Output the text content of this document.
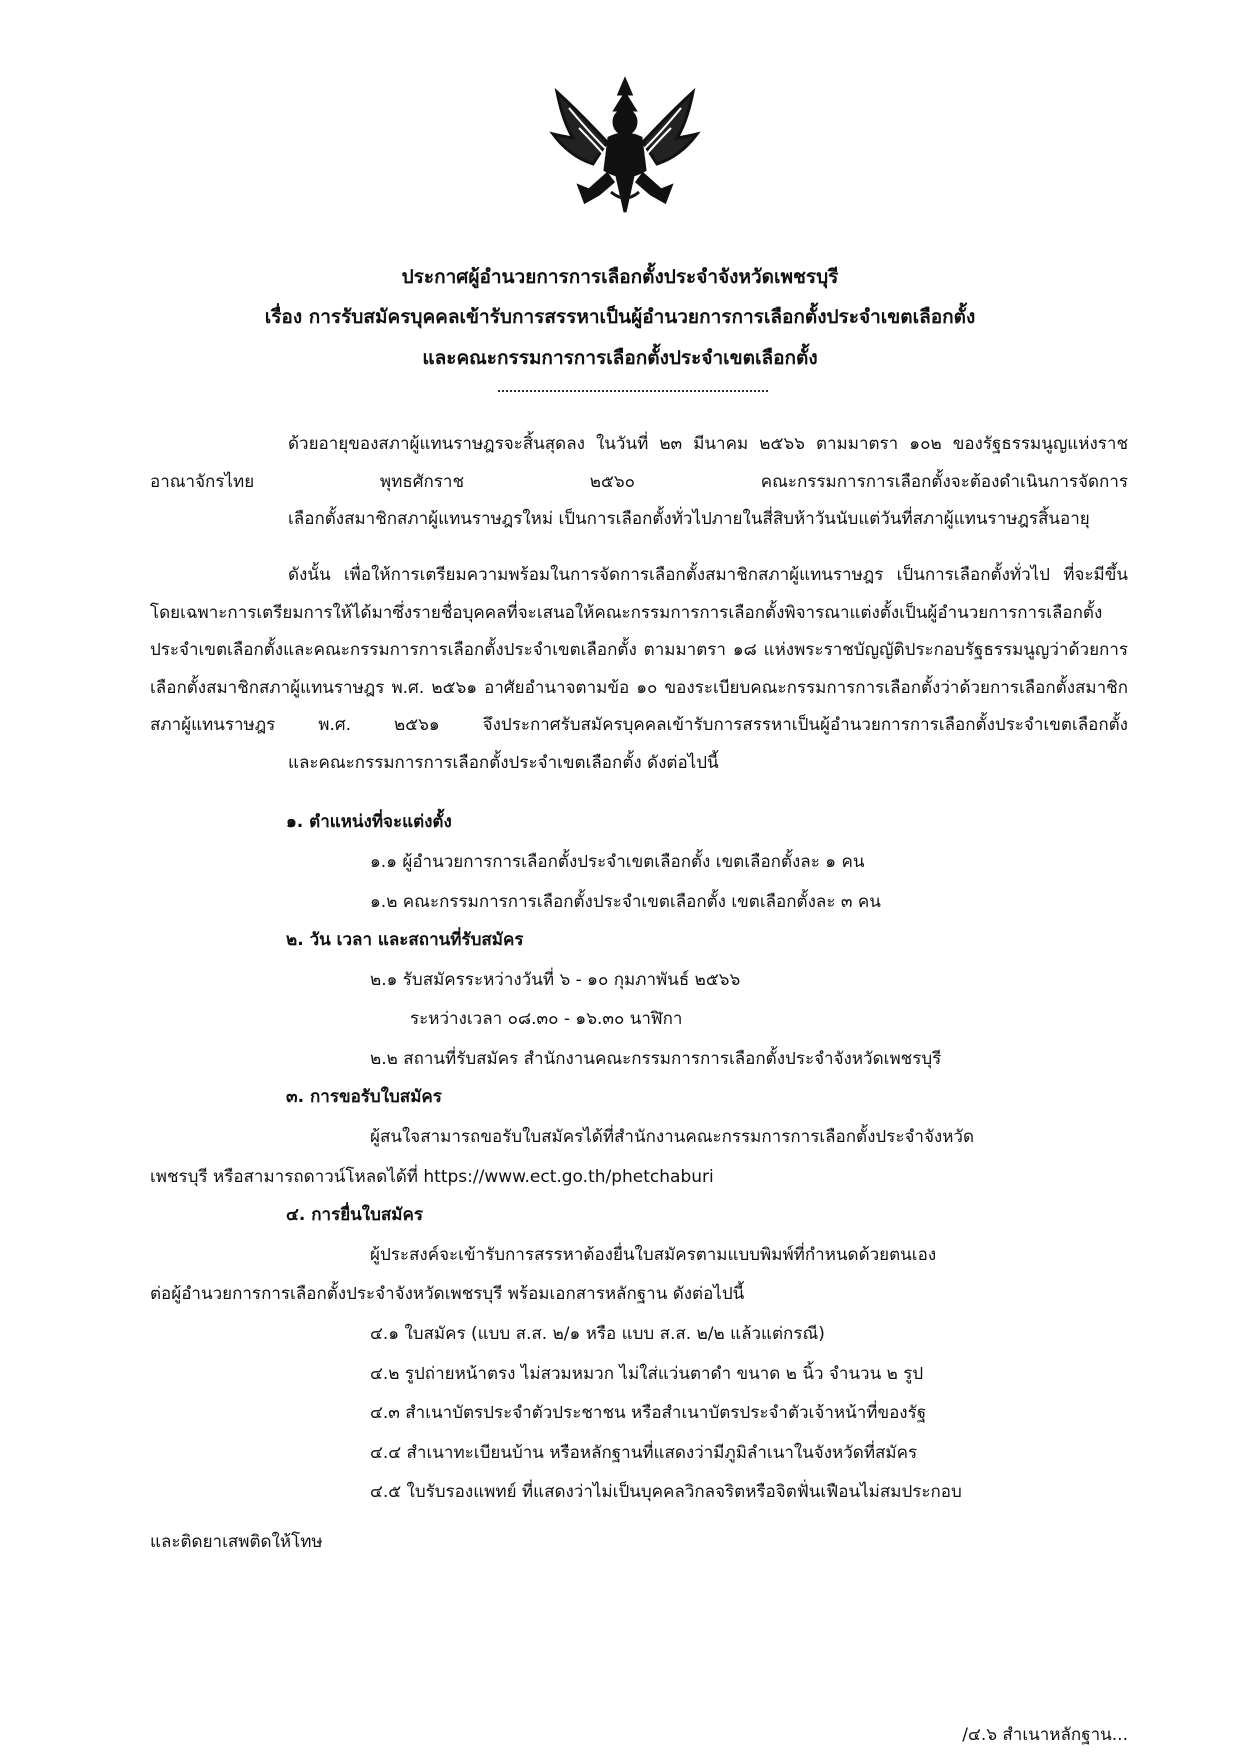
ประกาศผู้อำนวยการการเลือกตั้งประจำจังหวัดเพชรบุรี
เรื่อง การรับสมัครบุคคลเข้ารับการสรรหาเป็นผู้อำนวยการการเลือกตั้งประจำเขตเลือกตั้ง
และคณะกรรมการการเลือกตั้งประจำเขตเลือกตั้ง
ด้วยอายุของสภาผู้แทนราษฎรจะสิ้นสุดลง ในวันที่ ๒๓ มีนาคม ๒๕๖๖ ตามมาตรา ๑๐๒ ของรัฐธรรมนูญแห่งราชอาณาจักรไทย พุทธศักราช ๒๕๖๐ คณะกรรมการการเลือกตั้งจะต้องดำเนินการจัดการ
เลือกตั้งสมาชิกสภาผู้แทนราษฎรใหม่ เป็นการเลือกตั้งทั่วไปภายในสี่สิบห้าวันนับแต่วันที่สภาผู้แทนราษฎรสิ้นอายุ
ดังนั้น เพื่อให้การเตรียมความพร้อมในการจัดการเลือกตั้งสมาชิกสภาผู้แทนราษฎร เป็นการเลือกตั้งทั่วไป ที่จะมีขึ้น โดยเฉพาะการเตรียมการให้ได้มาซึ่งรายชื่อบุคคลที่จะเสนอให้คณะกรรมการการเลือกตั้งพิจารณาแต่งตั้งเป็นผู้อำนวยการการเลือกตั้งประจำเขตเลือกตั้งและคณะกรรมการการเลือกตั้งประจำเขตเลือกตั้ง ตามมาตรา ๑๘ แห่งพระราชบัญญัติประกอบรัฐธรรมนูญว่าด้วยการเลือกตั้งสมาชิกสภาผู้แทนราษฎร พ.ศ. ๒๕๖๑ อาศัยอำนาจตามข้อ ๑๐ ของระเบียบคณะกรรมการการเลือกตั้งว่าด้วยการเลือกตั้งสมาชิกสภาผู้แทนราษฎร พ.ศ. ๒๕๖๑ จึงประกาศรับสมัครบุคคลเข้ารับการสรรหาเป็นผู้อำนวยการการเลือกตั้งประจำเขตเลือกตั้ง
และคณะกรรมการการเลือกตั้งประจำเขตเลือกตั้ง ดังต่อไปนี้
๑. ตำแหน่งที่จะแต่งตั้ง
๑.๑ ผู้อำนวยการการเลือกตั้งประจำเขตเลือกตั้ง เขตเลือกตั้งละ ๑ คน
๑.๒ คณะกรรมการการเลือกตั้งประจำเขตเลือกตั้ง เขตเลือกตั้งละ ๓ คน
๒. วัน เวลา และสถานที่รับสมัคร
๒.๑ รับสมัครระหว่างวันที่ ๖ - ๑๐ กุมภาพันธ์ ๒๕๖๖
ระหว่างเวลา ๐๘.๓๐ - ๑๖.๓๐ นาฬิกา
๒.๒ สถานที่รับสมัคร สำนักงานคณะกรรมการการเลือกตั้งประจำจังหวัดเพชรบุรี
๓. การขอรับใบสมัคร
ผู้สนใจสามารถขอรับใบสมัครได้ที่สำนักงานคณะกรรมการการเลือกตั้งประจำจังหวัด
เพชรบุรี หรือสามารถดาวน์โหลดได้ที่ https://www.ect.go.th/phetchaburi
๔. การยื่นใบสมัคร
ผู้ประสงค์จะเข้ารับการสรรหาต้องยื่นใบสมัครตามแบบพิมพ์ที่กำหนดด้วยตนเอง
ต่อผู้อำนวยการการเลือกตั้งประจำจังหวัดเพชรบุรี พร้อมเอกสารหลักฐาน ดังต่อไปนี้
๔.๑ ใบสมัคร (แบบ ส.ส. ๒/๑ หรือ แบบ ส.ส. ๒/๒ แล้วแต่กรณี)
๔.๒ รูปถ่ายหน้าตรง ไม่สวมหมวก ไม่ใส่แว่นตาดำ ขนาด ๒ นิ้ว จำนวน ๒ รูป
๔.๓ สำเนาบัตรประจำตัวประชาชน หรือสำเนาบัตรประจำตัวเจ้าหน้าที่ของรัฐ
๔.๔ สำเนาทะเบียนบ้าน หรือหลักฐานที่แสดงว่ามีภูมิลำเนาในจังหวัดที่สมัคร
๔.๕ ใบรับรองแพทย์ ที่แสดงว่าไม่เป็นบุคคลวิกลจริตหรือจิตฟั่นเฟือนไม่สมประกอบ
และติดยาเสพติดให้โทษ
/๔.๖ สำเนาหลักฐาน...
